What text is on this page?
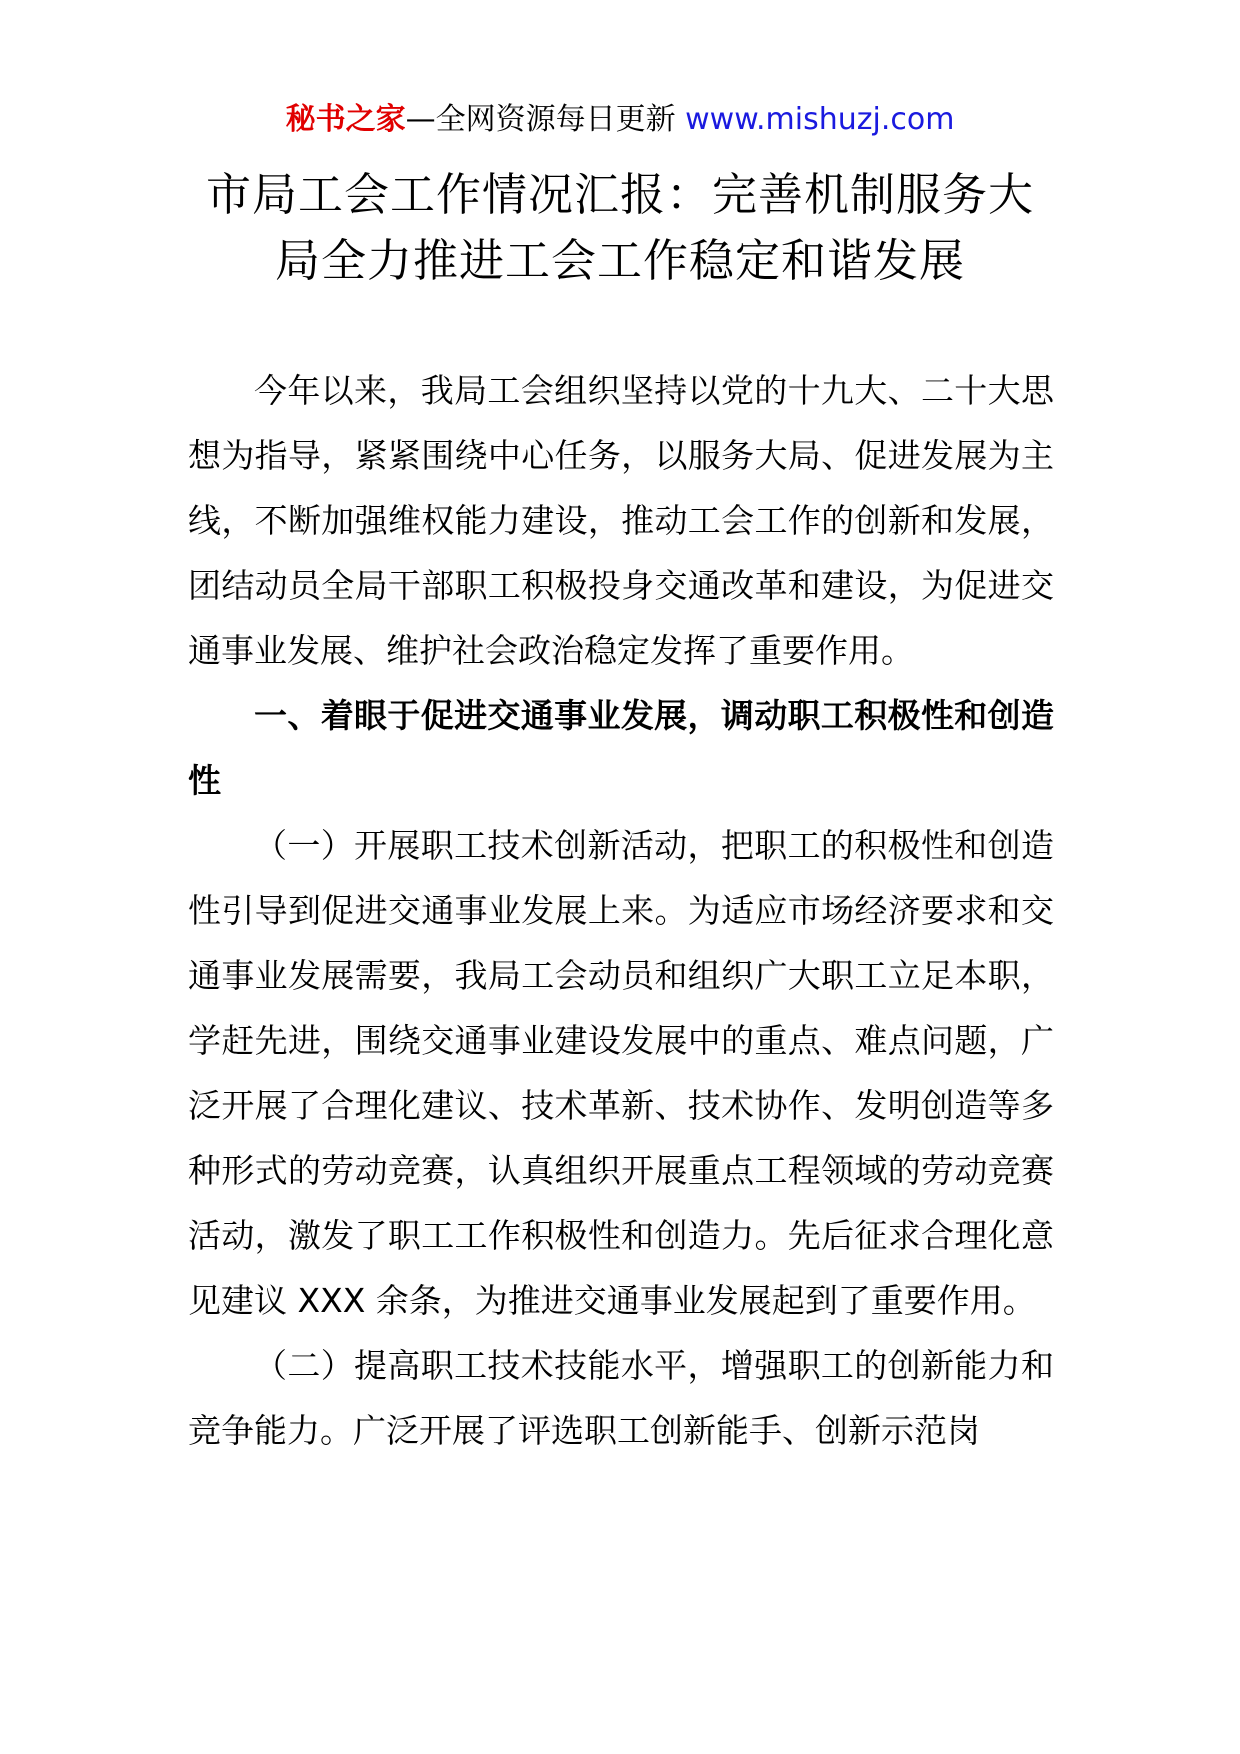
秘书之家—全网资源每日更新 www.mishuzj.com
市局工会工作情况汇报：完善机制服务大
局全力推进工会工作稳定和谐发展

今年以来，我局工会组织坚持以党的十九大、二十大思想为指导，紧紧围绕中心任务，以服务大局、促进发展为主线，不断加强维权能力建设，推动工会工作的创新和发展，团结动员全局干部职工积极投身交通改革和建设，为促进交通事业发展、维护社会政治稳定发挥了重要作用。

一、着眼于促进交通事业发展，调动职工积极性和创造性

（一）开展职工技术创新活动，把职工的积极性和创造性引导到促进交通事业发展上来。为适应市场经济要求和交通事业发展需要，我局工会动员和组织广大职工立足本职，学赶先进，围绕交通事业建设发展中的重点、难点问题，广泛开展了合理化建议、技术革新、技术协作、发明创造等多种形式的劳动竞赛，认真组织开展重点工程领域的劳动竞赛活动，激发了职工工作积极性和创造力。先后征求合理化意见建议 XXX 余条，为推进交通事业发展起到了重要作用。

（二）提高职工技术技能水平，增强职工的创新能力和竞争能力。广泛开展了评选职工创新能手、创新示范岗
